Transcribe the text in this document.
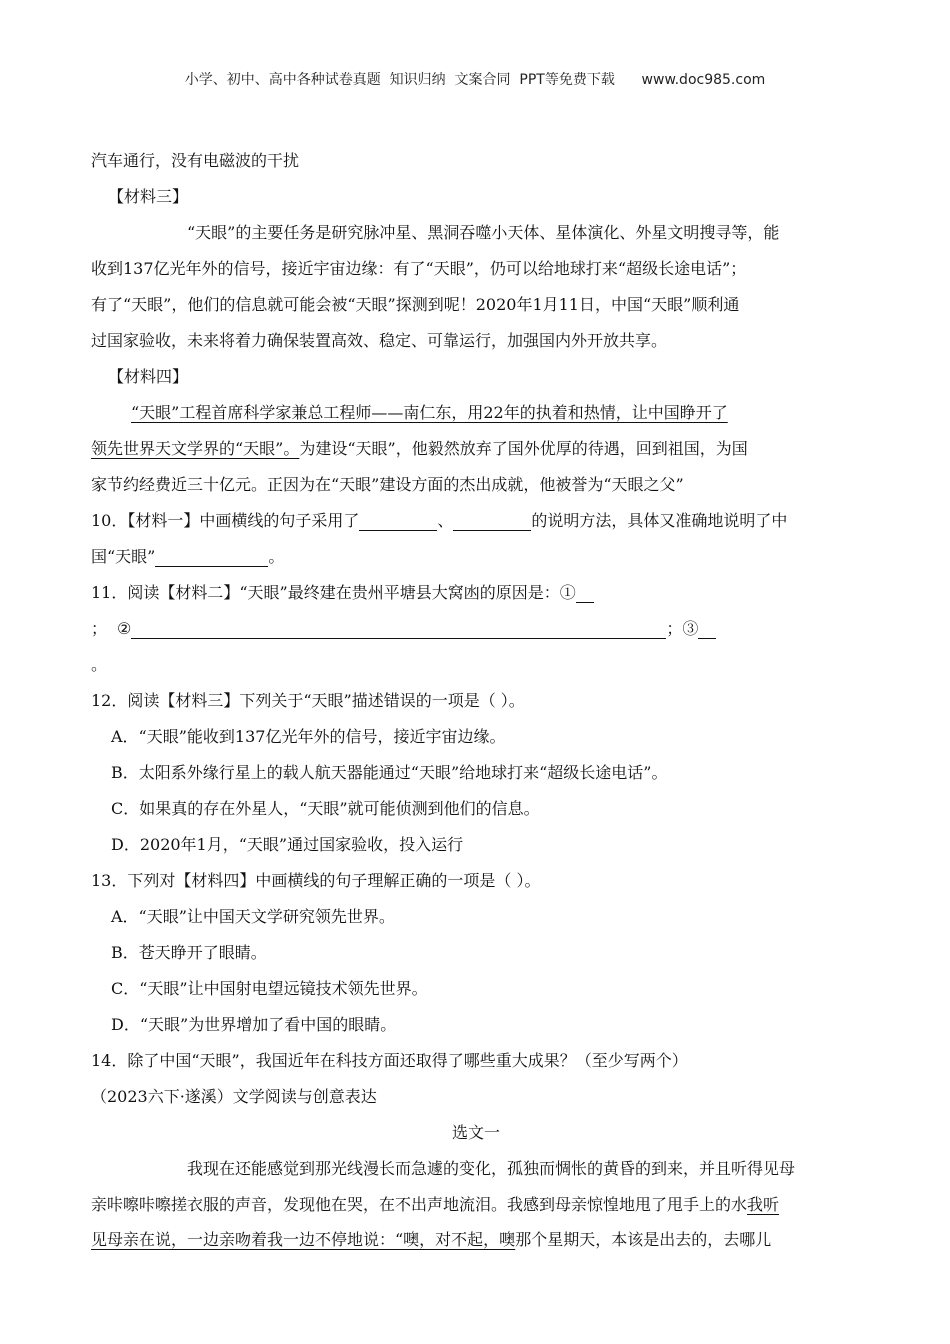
小学、初中、高中各种试卷真题  知识归纳  文案合同  PPT等免费下载      www.doc985.com
汽车通行，没有电磁波的干扰
【材料三】
“天眼”的主要任务是研究脉冲星、黑洞吞噬小天体、星体演化、外星文明搜寻等，能
收到137亿光年外的信号，接近宇宙边缘：有了“天眼”，仍可以给地球打来“超级长途电话”；
有了“天眼”，他们的信息就可能会被“天眼”探测到呢！2020年1月11日，中国“天眼”顺利通
过国家验收，未来将着力确保装置高效、稳定、可靠运行，加强国内外开放共享。
【材料四】
“天眼”工程首席科学家兼总工程师——南仁东，用22年的执着和热情，让中国睁开了
领先世界天文学界的“天眼”。为建设“天眼”，他毅然放弃了国外优厚的待遇，回到祖国，为国
家节约经费近三十亿元。正因为在“天眼”建设方面的杰出成就，他被誉为“天眼之父”
10．【材料一】中画横线的句子采用了	、	的说明方法，具体又准确地说明了中
国“天眼”	。
11．阅读【材料二】“天眼”最终建在贵州平塘县大窝凼的原因是：①
； ②	；③
。
12．阅读【材料三】下列关于“天眼”描述错误的一项是（ ）。
A．“天眼”能收到137亿光年外的信号，接近宇宙边缘。
B．太阳系外缘行星上的载人航天器能通过“天眼”给地球打来“超级长途电话”。
C．如果真的存在外星人，“天眼”就可能侦测到他们的信息。
D．2020年1月，“天眼”通过国家验收，投入运行
13．下列对【材料四】中画横线的句子理解正确的一项是（ ）。
A．“天眼”让中国天文学研究领先世界。
B．苍天睁开了眼睛。
C．“天眼”让中国射电望远镜技术领先世界。
D．“天眼”为世界增加了看中国的眼睛。
14．除了中国“天眼”，我国近年在科技方面还取得了哪些重大成果？（至少写两个）
（2023六下·遂溪）文学阅读与创意表达
选文一
我现在还能感觉到那光线漫长而急遽的变化，孤独而惆怅的黄昏的到来，并且听得见母
亲咔嚓咔嚓搓衣服的声音，发现他在哭，在不出声地流泪。我感到母亲惊惶地甩了甩手上的水我听
见母亲在说，一边亲吻着我一边不停地说：“噢，对不起，噢那个星期天，本该是出去的，去哪儿
